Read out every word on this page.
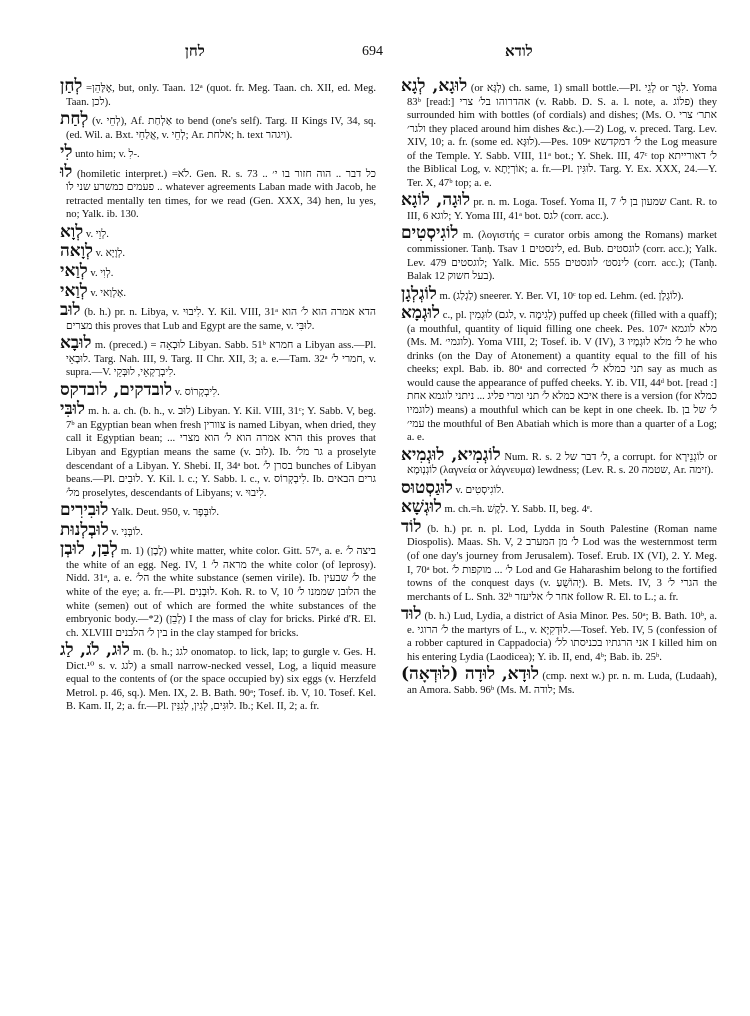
לחן	694	לודא
לְחַן =אֶלָּהֵן, but, only. Taan. 12ᵃ (quot. fr. Meg. Taan. ch. XII, ed. Meg. Taan. לכן).
לְחַת (v. לְחֵי), Af. אַלְחַת to bend (one's self). Targ. II Kings IV, 34, sq. (ed. Wil. a. Bxt. אֲלַחֵי, v. לְחֵי; Ar. אלחת; h. text ויגהר).
לִי unto him; v. לִ-.
לוּ (homiletic interpret.) =לֹא. Gen. R. s. 73 .. כל דבר .. הוה חזור בו י׳ פעמים כמשרע שני לֹו .. whatever agreements Laban made with Jacob, he retracted mentally ten times, for we read (Gen. XXX, 34) hen, lu yes, no; Yalk. ib. 130.
לְוָא v. לְוֵי.
לְוָאה v. לְוָיָא.
לְוַאי v. לְוִי.
לְוַאי v. אַלְוַאי.
לוּב (b. h.) pr. n. Libya, v. לִיבוּי. Y. Kil. VIII, 31ᵃ הדא אמרה הוא לֹ׳ הוא מצרים this proves that Lub and Egypt are the same, v. לוּבִּי.
לוּבָא m. (preced.) = לוּבְאָה Libyan. Sabb. 51ᵇ חמרא a Libyan ass.—Pl. לוּבָאֵי. Targ. Nah. III, 9. Targ. II Chr. XII, 3; a. e.—Tam. 32ᵃ חמרי לֹ׳, v. supra.—V. לִיבְרָקְאֵי, לוּבְּקֵי.
לובדקים, לובדקס v. לִיבְקְרוֹס.
לוּבִּי m. h. a. ch. (b. h., v. לוּב) Libyan. Y. Kil. VIII, 31ᶜ; Y. Sabb. V, beg. 7ᵇ an Egyptian bean when fresh צוורין is named Libyan, when dried, they call it Egyptian bean; ... הרא אמרה הוא לֹ׳ הוא מצרי this proves that Libyan and Egyptian means the same (v. לוּב). Ib. גר מלֹ׳ a proselyte descendant of a Libyan. Y. Shebi. II, 34ᵃ bot. בסרן לֹ׳ bunches of Libyan beans.—Pl. לוּבִים. Y. Kil. l. c.; Y. Sabb. l. c., v. לִיבְקְרוֹס. Ib. גרים הבאים מלֹ׳ proselytes, descendants of Libyans; v. לִיבוּי.
לוּבִירִים Yalk. Deut. 950, v. לוּבְּפָר.
לוּבְלְנוּת v. לוֹבְּנִי.
לְבַן, לוּבְן m. 1) (לָבָן) white matter, white color. Gitt. 57ᵃ, a. e. ביצה לֹ׳ the white of an egg. Neg. IV, 1 מראה לֹ׳ the white color (of leprosy). Nidd. 31ᵃ, a. e. הלֹ׳ the white substance (semen virile). Ib. לֹ׳ שבעין the white of the eye; a. fr.—Pl. לוּבְנִים. Koh. R. to V, 10 הלוּבן שממנו לֹ׳ the white (semen) out of which are formed the white substances of the embryonic body.—*2) (לְבֵן) I the mass of clay for bricks. Pirké d'R. El. ch. XLVIII בין לֹ׳ הלבנים in the clay stamped for bricks.
לוּג, לֹג, לַג m. (b. h.; לגג onomatop. to lick, lap; to gurgle v. Ges. H. Dict.¹⁰ s. v. לגג) a small narrow-necked vessel, Log, a liquid measure equal to the contents of (or the space occupied by) six eggs (v. Herzfeld Metrol. p. 46, sq.). Men. IX, 2. B. Bath. 90ᵃ; Tosef. ib. V, 10. Tosef. Kel. B. Kam. II, 2; a. fr.—Pl. לוּגִּים, לְגִין, לְגִנִּין. Ib.; Kel. II, 2; a. fr.
לוּגָא, לְגָא (or לְגָּא) ch. same, 1) small bottle.—Pl. לְגֵי or לִגָּר. Yoma 83ᵇ [read:] אהדרוהו בלֹ׳ צרי (v. Rabb. D. S. a. l. note, a. פלוֹג) they surrounded him with bottles (of cordials) and dishes; (Ms. O. אתר׳ צרי ולגר׳ they placed around him dishes &c.).—2) Log, v. preced. Targ. Lev. XIV, 10; a. fr. (some ed. לוּגָּא).—Pes. 109ᵃ לֹ׳ דמקדשא the Log measure of the Temple. Y. Sabb. VIII, 11ᵃ bot.; Y. Shek. III, 47ᶜ top לֹ׳ דאורייתא the Biblical Log, v. אוֹרְיָתָא; a. fr.—Pl. לוּגִּין. Targ. Y. Ex. XXX, 24.—Y. Ter. X, 47ᵇ top; a. e.
לוּגָה, לוֹגָא pr. n. m. Loga. Tosef. Yoma II, 7 שמעון בן לֹ׳ Cant. R. to III, 6 לוגא; Y. Yoma III, 41ᵃ bot. לגס (corr. acc.).
לוֹגִיסְטִים m. (λογιστής = curator orbis among the Romans) market commissioner. Tanḥ. Tsav 1 לינסטים, ed. Bub. לוגסטים (corr. acc.); Yalk. Lev. 479 לוגסטים; Yalk. Mic. 555 לינסט׳ לוגסטים (corr. acc.); (Tanḥ. Balak 12 בעל חשוק).
לוֹגְלְגָן m. (לַגְלַג) sneerer. Y. Ber. VI, 10ᶜ top ed. Lehm. (ed. לוֹגְלָן).
לוּגְמָא c., pl. לוּגְמִין (לגם, v. לְגִימָה) puffed up cheek (filled with a quaff); (a mouthful, quantity of liquid filling one cheek. Pes. 107ᵃ מלא לוגמא (Ms. M. לוגמי׳). Yoma VIII, 2; Tosef. ib. V (IV), 3 לֹ׳ מלא לוּגְמָיו he who drinks (on the Day of Atonement) a quantity equal to the fill of his cheeks; expl. Bab. ib. 80ᵃ and corrected תני כמלא לֹ׳ say as much as would cause the appearance of puffed cheeks. Y. ib. VII, 44ᵈ bot. [read :] איכא כמלא לֹ׳ תני ומרי פליג ... ניתני לוגמא אחת there is a version (for כמלא לוגמיו) means) a mouthful which can be kept in one cheek. Ib. לֹ׳ של בן עמי׳ the mouthful of Ben Abatiah which is more than a quarter of a Log; a. e.
לוֹגְמִיא, לוּגְמִיא Num. R. s. 2 לֹ׳ דבר של, a corrupt. for לוֹגְנֵירָא or לוֹגְנְוּמָא (λαγνεία or λάγνευμα) lewdness; (Lev. R. s. 20 שטמה, Ar. זימה).
לוּגַסְטוּס v. לוֹגִיסְטִים.
לוּגְשָׁא m. ch.=h. לַקֶשׁ. Y. Sabb. II, beg. 4ᵉ.
לוֹד (b. h.) pr. n. pl. Lod, Lydda in South Palestine (Roman name Diospolis). Maas. Sh. V, 2 לֹ׳ מן המערב Lod was the westernmost term (of one day's journey from Jerusalem). Tosef. Erub. IX (VI), 2. Y. Meg. I, 70ᵃ bot. לֹ׳ ... מוקפות לֹ׳ Lod and Ge Haharashim belong to the fortified towns of the conquest days (v. יְהוֹשֻׁעַ). B. Mets. IV, 3 הגרי לֹ׳ the merchants of L. Snh. 32ᵇ אחר לֹ׳ אליעזר follow R. El. to L.; a. fr.
לוּד (b. h.) Lud, Lydia, a district of Asia Minor. Pes. 50ᵃ; B. Bath. 10ᵇ, a. e. לֹ׳ הרוגי the martyrs of L., v. לוּדְקִיָא.—Tosef. Yeb. IV, 5 (confession of a robber captured in Cappadocia) אני הרגתיו בכניסתו ללֹ׳ I killed him on his entering Lydia (Laodicea); Y. ib. II, end, 4ᵇ; Bab. ib. 25ᵇ.
לוּדָא, לוּדָה (לוּדְאָה) (cmp. next w.) pr. n. m. Luda, (Ludaah), an Amora. Sabb. 96ᵇ (Ms. M. לודה; Ms.
